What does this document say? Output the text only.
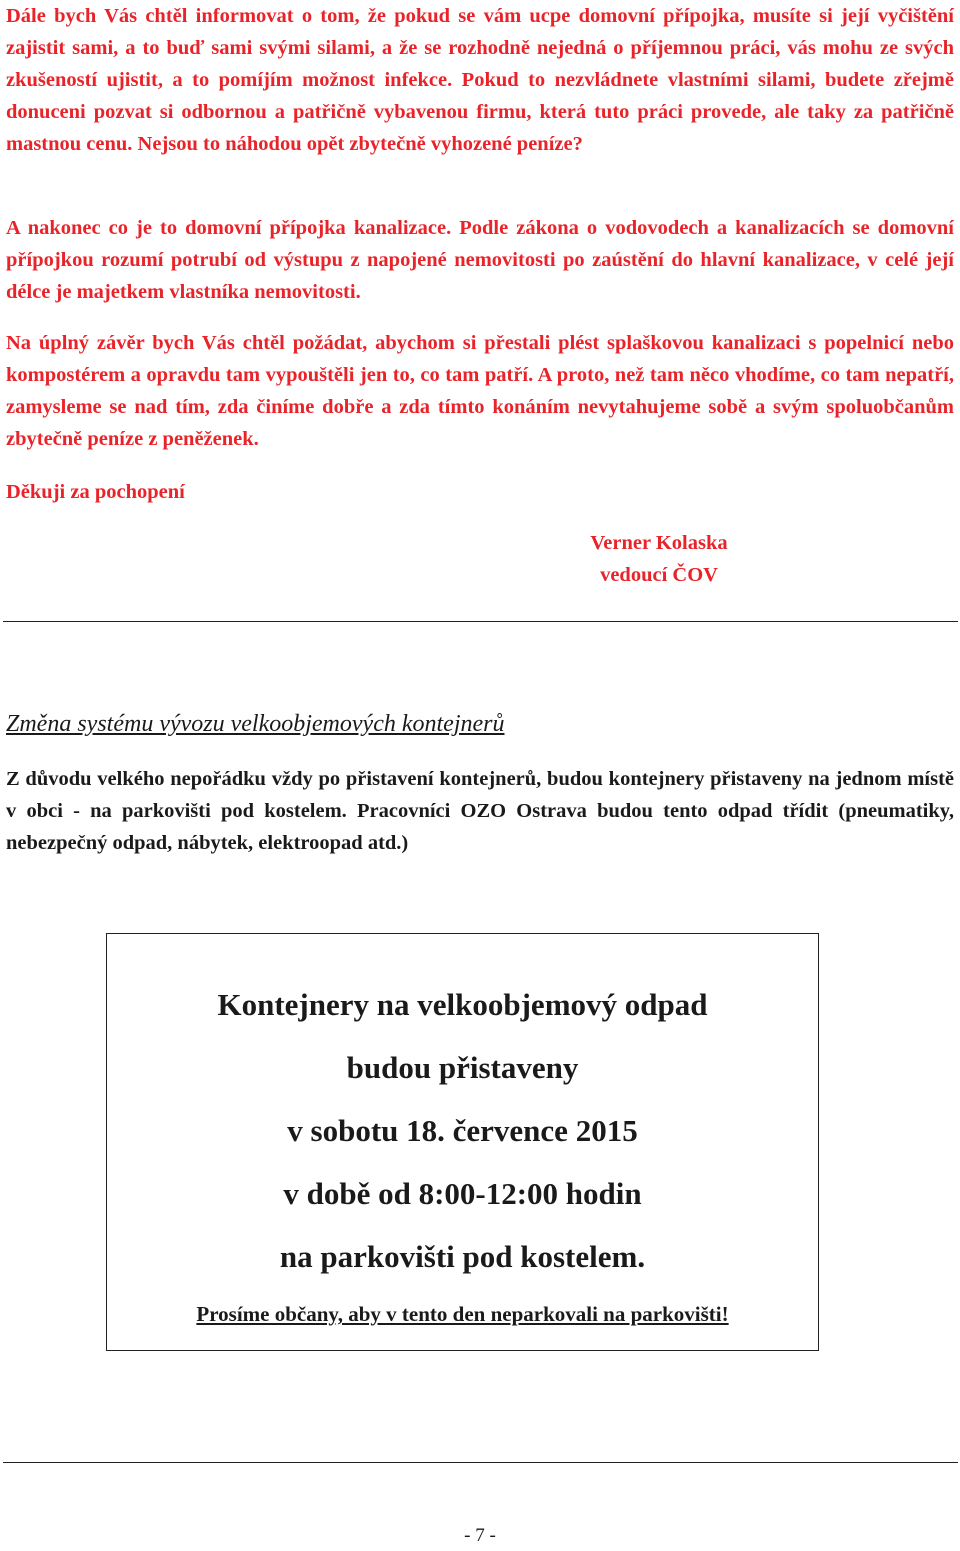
Dále bych Vás chtěl informovat o tom, že pokud se vám ucpe domovní přípojka, musíte si její vyčištění zajistit sami, a to buď sami svými silami, a že se rozhodně nejedná o příjemnou práci, vás mohu ze svých zkušeností ujistit, a to pomíjím možnost infekce. Pokud to nezvládnete vlastními silami, budete zřejmě donuceni pozvat si odbornou a patřičně vybavenou firmu, která tuto práci provede, ale taky za patřičně mastnou cenu. Nejsou to náhodou opět zbytečně vyhozené peníze?

A nakonec co je to domovní přípojka kanalizace. Podle zákona o vodovodech a kanalizacích se domovní přípojkou rozumí potrubí od výstupu z napojené nemovitosti po zaústění do hlavní kanalizace, v celé její délce je majetkem vlastníka nemovitosti.

Na úplný závěr bych Vás chtěl požádat, abychom si přestali plést splaškovou kanalizaci s popelnicí nebo kompostérem a opravdu tam vypouštěli jen to, co tam patří. A proto, než tam něco vhodíme, co tam nepatří, zamysleme se nad tím, zda činíme dobře a zda tímto konáním nevytahujeme sobě a svým spoluobčanům zbytečně peníze z peněženek.

Děkuji za pochopení

Verner Kolaska
vedoucí ČOV
Změna systému vývozu velkoobjemových kontejnerů

Z důvodu velkého nepořádku vždy po přistavení kontejnerů, budou kontejnery přistaveny na jednom místě v obci - na parkovišti pod kostelem. Pracovníci OZO Ostrava budou tento odpad třídit (pneumatiky, nebezpečný odpad, nábytek, elektroopad atd.)

Kontejnery na velkoobjemový odpad
budou přistaveny
v sobotu 18. července 2015
v době od 8:00-12:00 hodin
na parkovišti pod kostelem.
Prosíme občany, aby v tento den neparkovali na parkovišti!
- 7 -
